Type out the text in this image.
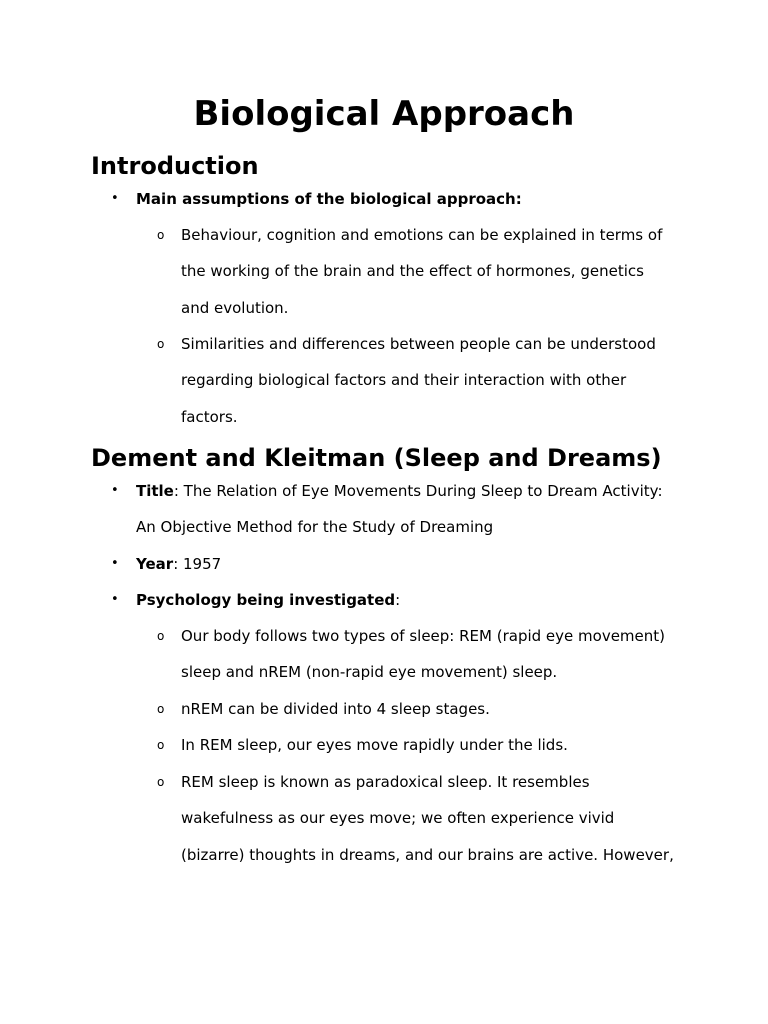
Biological Approach
Introduction
• Main assumptions of the biological approach:
o Behaviour, cognition and emotions can be explained in terms of
the working of the brain and the effect of hormones, genetics
and evolution.
o Similarities and differences between people can be understood
regarding biological factors and their interaction with other
factors.
Dement and Kleitman (Sleep and Dreams)
• Title: The Relation of Eye Movements During Sleep to Dream Activity:
An Objective Method for the Study of Dreaming
• Year: 1957
• Psychology being investigated:
o Our body follows two types of sleep: REM (rapid eye movement)
sleep and nREM (non-rapid eye movement) sleep.
o nREM can be divided into 4 sleep stages.
o In REM sleep, our eyes move rapidly under the lids.
o REM sleep is known as paradoxical sleep. It resembles
wakefulness as our eyes move; we often experience vivid
(bizarre) thoughts in dreams, and our brains are active. However,
